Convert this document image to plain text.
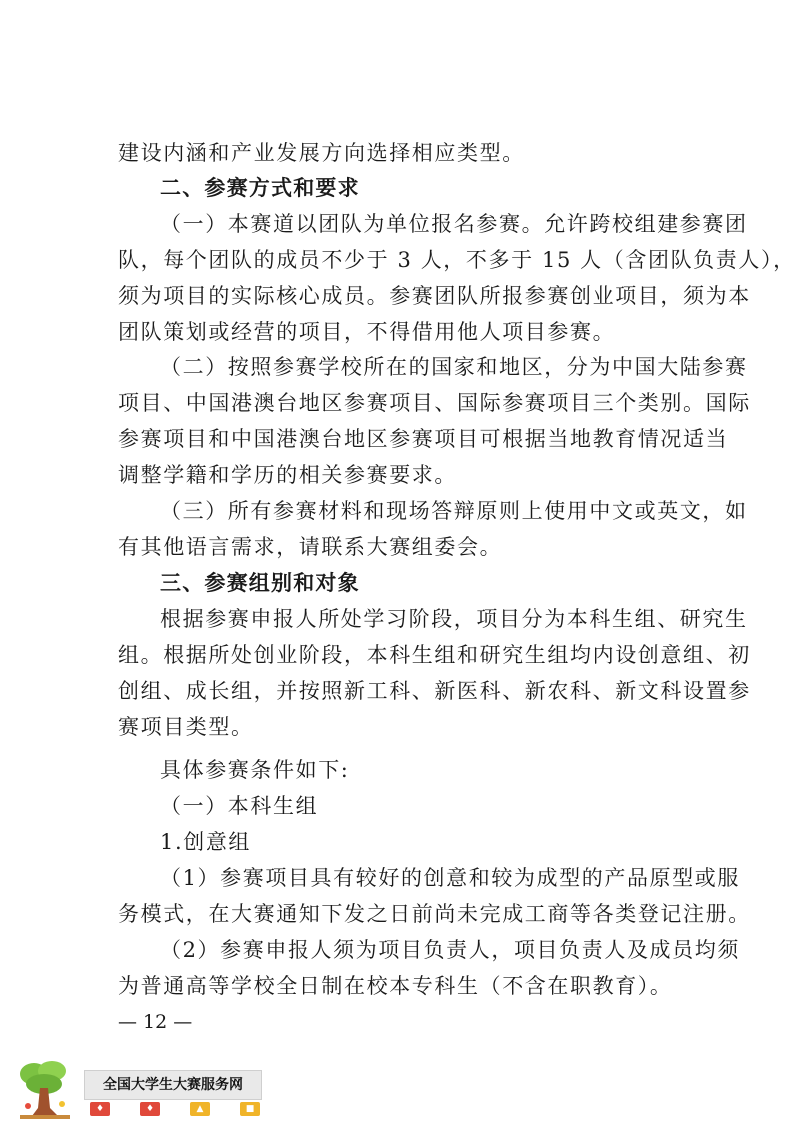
建设内涵和产业发展方向选择相应类型。
二、参赛方式和要求
（一）本赛道以团队为单位报名参赛。允许跨校组建参赛团
队，每个团队的成员不少于 3 人，不多于 15 人（含团队负责人），
须为项目的实际核心成员。参赛团队所报参赛创业项目，须为本
团队策划或经营的项目，不得借用他人项目参赛。
（二）按照参赛学校所在的国家和地区，分为中国大陆参赛
项目、中国港澳台地区参赛项目、国际参赛项目三个类别。国际
参赛项目和中国港澳台地区参赛项目可根据当地教育情况适当
调整学籍和学历的相关参赛要求。
（三）所有参赛材料和现场答辩原则上使用中文或英文，如
有其他语言需求，请联系大赛组委会。
三、参赛组别和对象
根据参赛申报人所处学习阶段，项目分为本科生组、研究生
组。根据所处创业阶段，本科生组和研究生组均内设创意组、初
创组、成长组，并按照新工科、新医科、新农科、新文科设置参
赛项目类型。
具体参赛条件如下:
（一）本科生组
1.创意组
（1）参赛项目具有较好的创意和较为成型的产品原型或服
务模式，在大赛通知下发之日前尚未完成工商等各类登记注册。
（2）参赛申报人须为项目负责人，项目负责人及成员均须
为普通高等学校全日制在校本专科生（不含在职教育）。
— 12 —
全国大学生大赛服务网
♦	♦	▲	■
